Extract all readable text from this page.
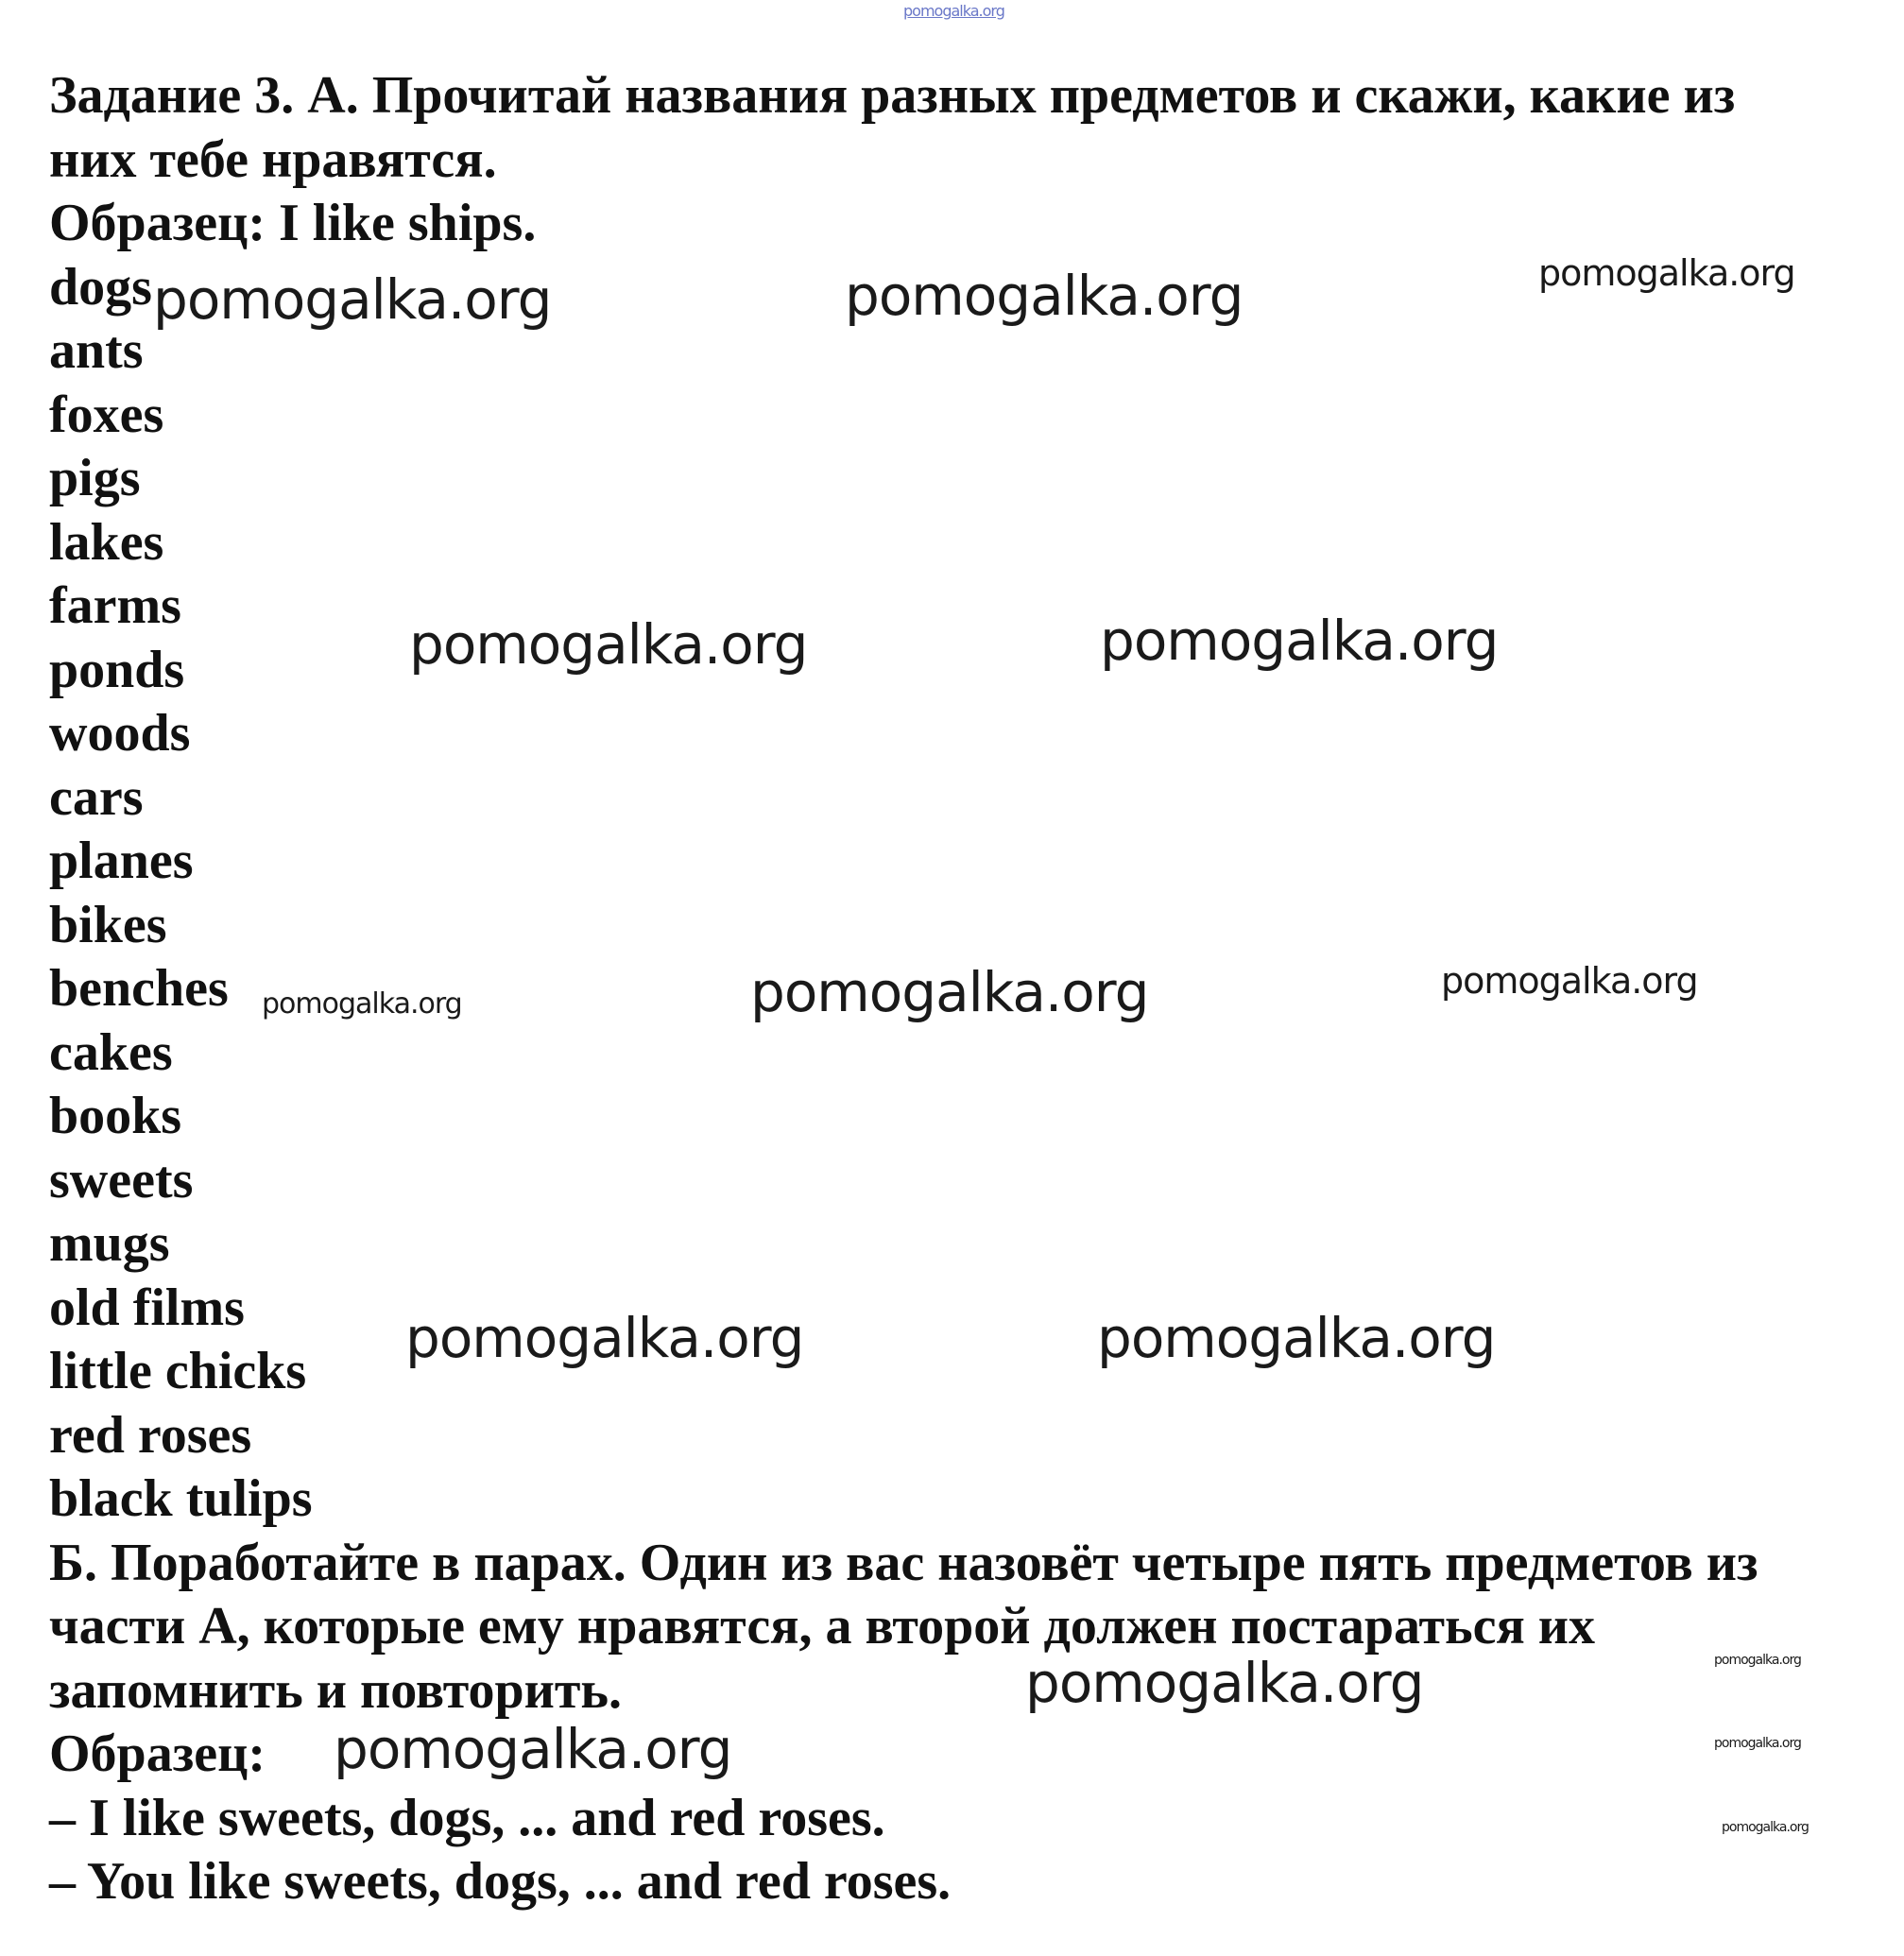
pomogalka.org
Задание 3. А. Прочитай названия разных предметов и скажи, какие из
них тебе нравятся.
Образец: I like ships.
dogs
ants
foxes
pigs
lakes
farms
ponds
woods
cars
planes
bikes
benches
cakes
books
sweets
mugs
old films
little chicks
red roses
black tulips
Б. Поработайте в парах. Один из вас назовёт четыре пять предметов из
части А, которые ему нравятся, а второй должен постараться их
запомнить и повторить.
Образец:
– I like sweets, dogs, ... and red roses.
– You like sweets, dogs, ... and red roses.
pomogalka.org	pomogalka.org	pomogalka.org
pomogalka.org	pomogalka.org
pomogalka.org	pomogalka.org	pomogalka.org
pomogalka.org	pomogalka.org
pomogalka.org
pomogalka.org
pomogalka.org	pomogalka.org
pomogalka.org
